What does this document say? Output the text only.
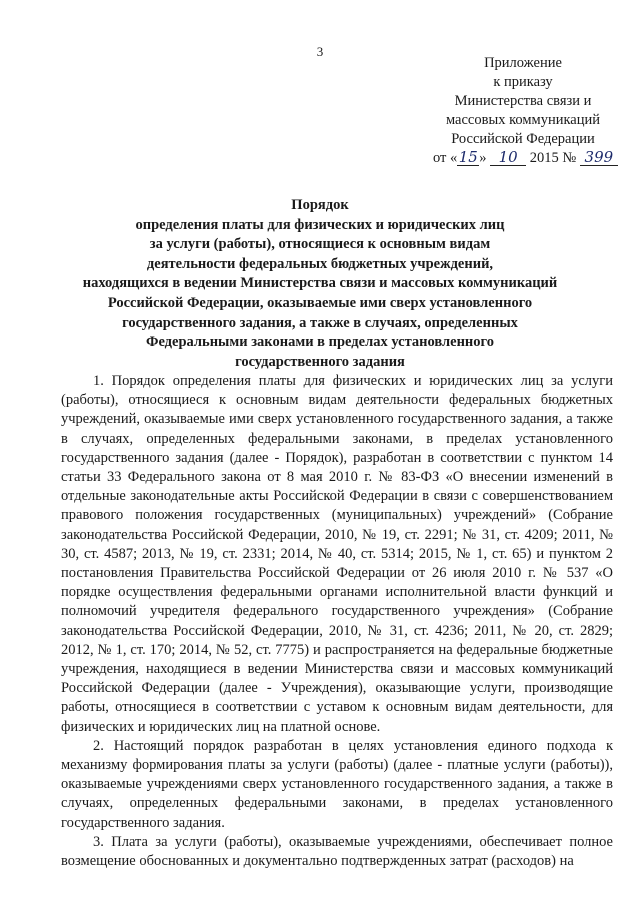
3
Приложение
к приказу
Министерства связи и
массовых коммуникаций
Российской Федерации
от «15» 10 2015 № 399
Порядок
определения платы для физических и юридических лиц
за услуги (работы), относящиеся к основным видам
деятельности федеральных бюджетных учреждений,
находящихся в ведении Министерства связи и массовых коммуникаций
Российской Федерации, оказываемые ими сверх установленного
государственного задания, а также в случаях, определенных
Федеральными законами в пределах установленного
государственного задания

1. Порядок определения платы для физических и юридических лиц за услуги (работы), относящиеся к основным видам деятельности федеральных бюджетных учреждений, оказываемые ими сверх установленного государственного задания, а также в случаях, определенных федеральными законами, в пределах установленного государственного задания (далее - Порядок), разработан в соответствии с пунктом 14 статьи 33 Федерального закона от 8 мая 2010 г. № 83-ФЗ «О внесении изменений в отдельные законодательные акты Российской Федерации в связи с совершенствованием правового положения государственных (муниципальных) учреждений» (Собрание законодательства Российской Федерации, 2010, № 19, ст. 2291; № 31, ст. 4209; 2011, № 30, ст. 4587; 2013, № 19, ст. 2331; 2014, № 40, ст. 5314; 2015, № 1, ст. 65) и пунктом 2 постановления Правительства Российской Федерации от 26 июля 2010 г. № 537 «О порядке осуществления федеральными органами исполнительной власти функций и полномочий учредителя федерального государственного учреждения» (Собрание законодательства Российской Федерации, 2010, № 31, ст. 4236; 2011, № 20, ст. 2829; 2012, № 1, ст. 170; 2014, № 52, ст. 7775) и распространяется на федеральные бюджетные учреждения, находящиеся в ведении Министерства связи и массовых коммуникаций Российской Федерации (далее - Учреждения), оказывающие услуги, производящие работы, относящиеся в соответствии с уставом к основным видам деятельности, для физических и юридических лиц на платной основе.

2. Настоящий порядок разработан в целях установления единого подхода к механизму формирования платы за услуги (работы) (далее - платные услуги (работы)), оказываемые учреждениями сверх установленного государственного задания, а также в случаях, определенных федеральными законами, в пределах установленного государственного задания.

3. Плата за услуги (работы), оказываемые учреждениями, обеспечивает полное возмещение обоснованных и документально подтвержденных затрат (расходов) на
